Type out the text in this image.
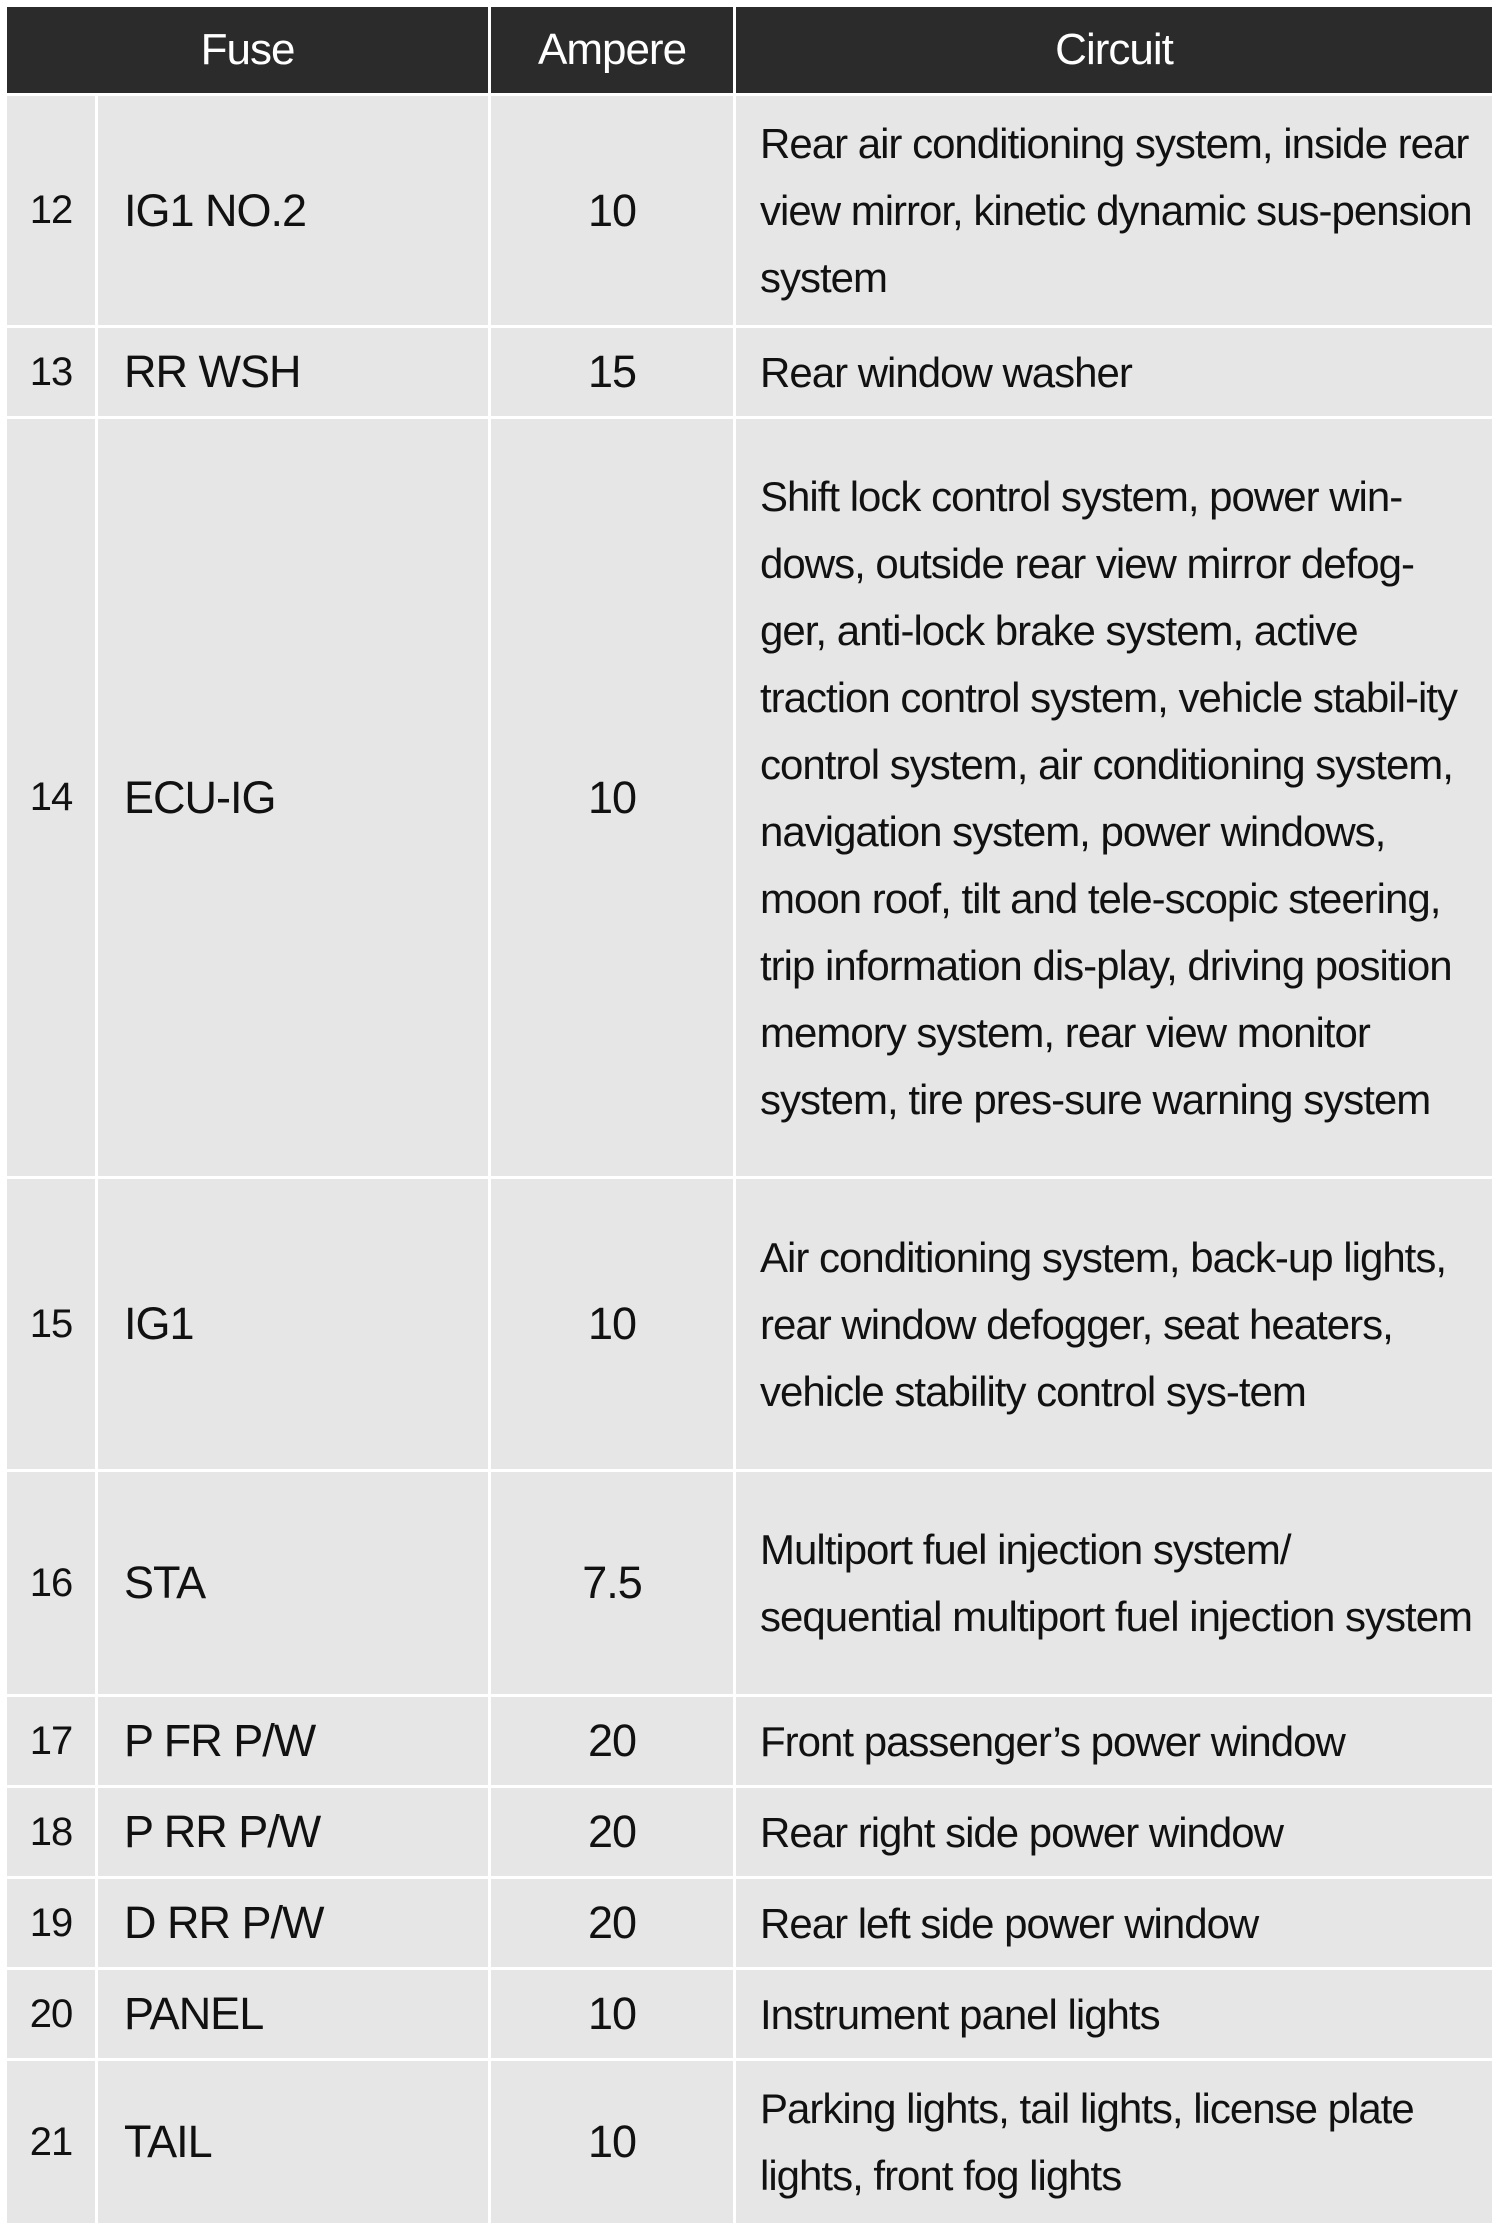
Fuse		Ampere	Circuit
12	IG1 NO.2	10	Rear air conditioning system, inside rear view mirror, kinetic dynamic sus-pension system
13	RR WSH	15	Rear window washer
14	ECU-IG	10	Shift lock control system, power win-dows, outside rear view mirror defog-ger, anti-lock brake system, active traction control system, vehicle stabil-ity control system, air conditioning system, navigation system, power windows, moon roof, tilt and tele-scopic steering, trip information dis-play, driving position memory system, rear view monitor system, tire pres-sure warning system
15	IG1	10	Air conditioning system, back-up lights, rear window defogger, seat heaters, vehicle stability control sys-tem
16	STA	7.5	Multiport fuel injection system/ sequential multiport fuel injection system
17	P FR P/W	20	Front passenger’s power window
18	P RR P/W	20	Rear right side power window
19	D RR P/W	20	Rear left side power window
20	PANEL	10	Instrument panel lights
21	TAIL	10	Parking lights, tail lights, license plate lights, front fog lights
